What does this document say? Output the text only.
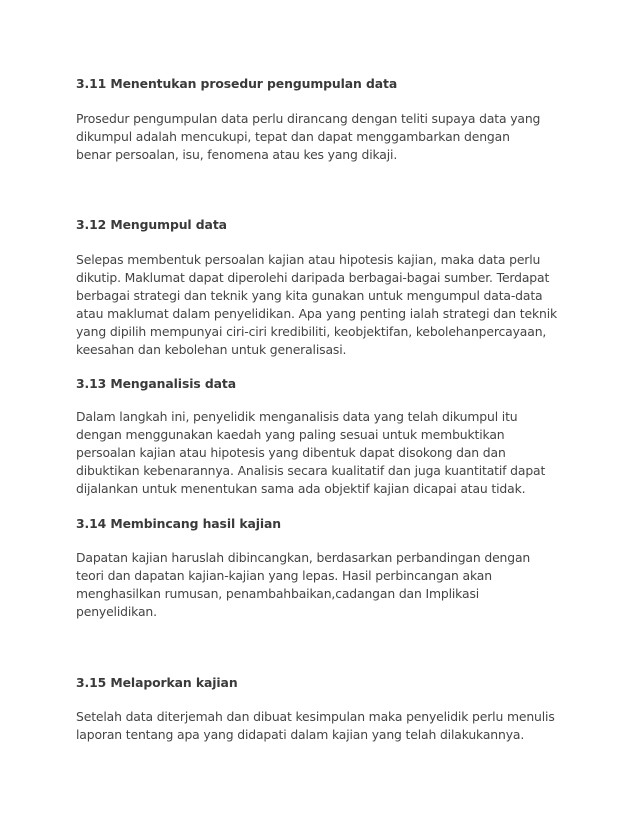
3.11 Menentukan prosedur pengumpulan data
Prosedur pengumpulan data perlu dirancang dengan teliti supaya data yang
dikumpul adalah mencukupi, tepat dan dapat menggambarkan dengan
benar persoalan, isu, fenomena atau kes yang dikaji.
3.12 Mengumpul data
Selepas membentuk persoalan kajian atau hipotesis kajian, maka data perlu
dikutip. Maklumat dapat diperolehi daripada berbagai-bagai sumber. Terdapat
berbagai strategi dan teknik yang kita gunakan untuk mengumpul data-data
atau maklumat dalam penyelidikan. Apa yang penting ialah strategi dan teknik
yang dipilih mempunyai ciri-ciri kredibiliti, keobjektifan, kebolehanpercayaan,
keesahan dan kebolehan untuk generalisasi.
3.13 Menganalisis data
Dalam langkah ini, penyelidik menganalisis data yang telah dikumpul itu
dengan menggunakan kaedah yang paling sesuai untuk membuktikan
persoalan kajian atau hipotesis yang dibentuk dapat disokong dan dan
dibuktikan kebenarannya. Analisis secara kualitatif dan juga kuantitatif dapat
dijalankan untuk menentukan sama ada objektif kajian dicapai atau tidak.
3.14 Membincang hasil kajian
Dapatan kajian haruslah dibincangkan, berdasarkan perbandingan dengan
teori dan dapatan kajian-kajian yang lepas. Hasil perbincangan akan
menghasilkan rumusan, penambahbaikan,cadangan dan Implikasi
penyelidikan.
3.15 Melaporkan kajian
Setelah data diterjemah dan dibuat kesimpulan maka penyelidik perlu menulis
laporan tentang apa yang didapati dalam kajian yang telah dilakukannya.
